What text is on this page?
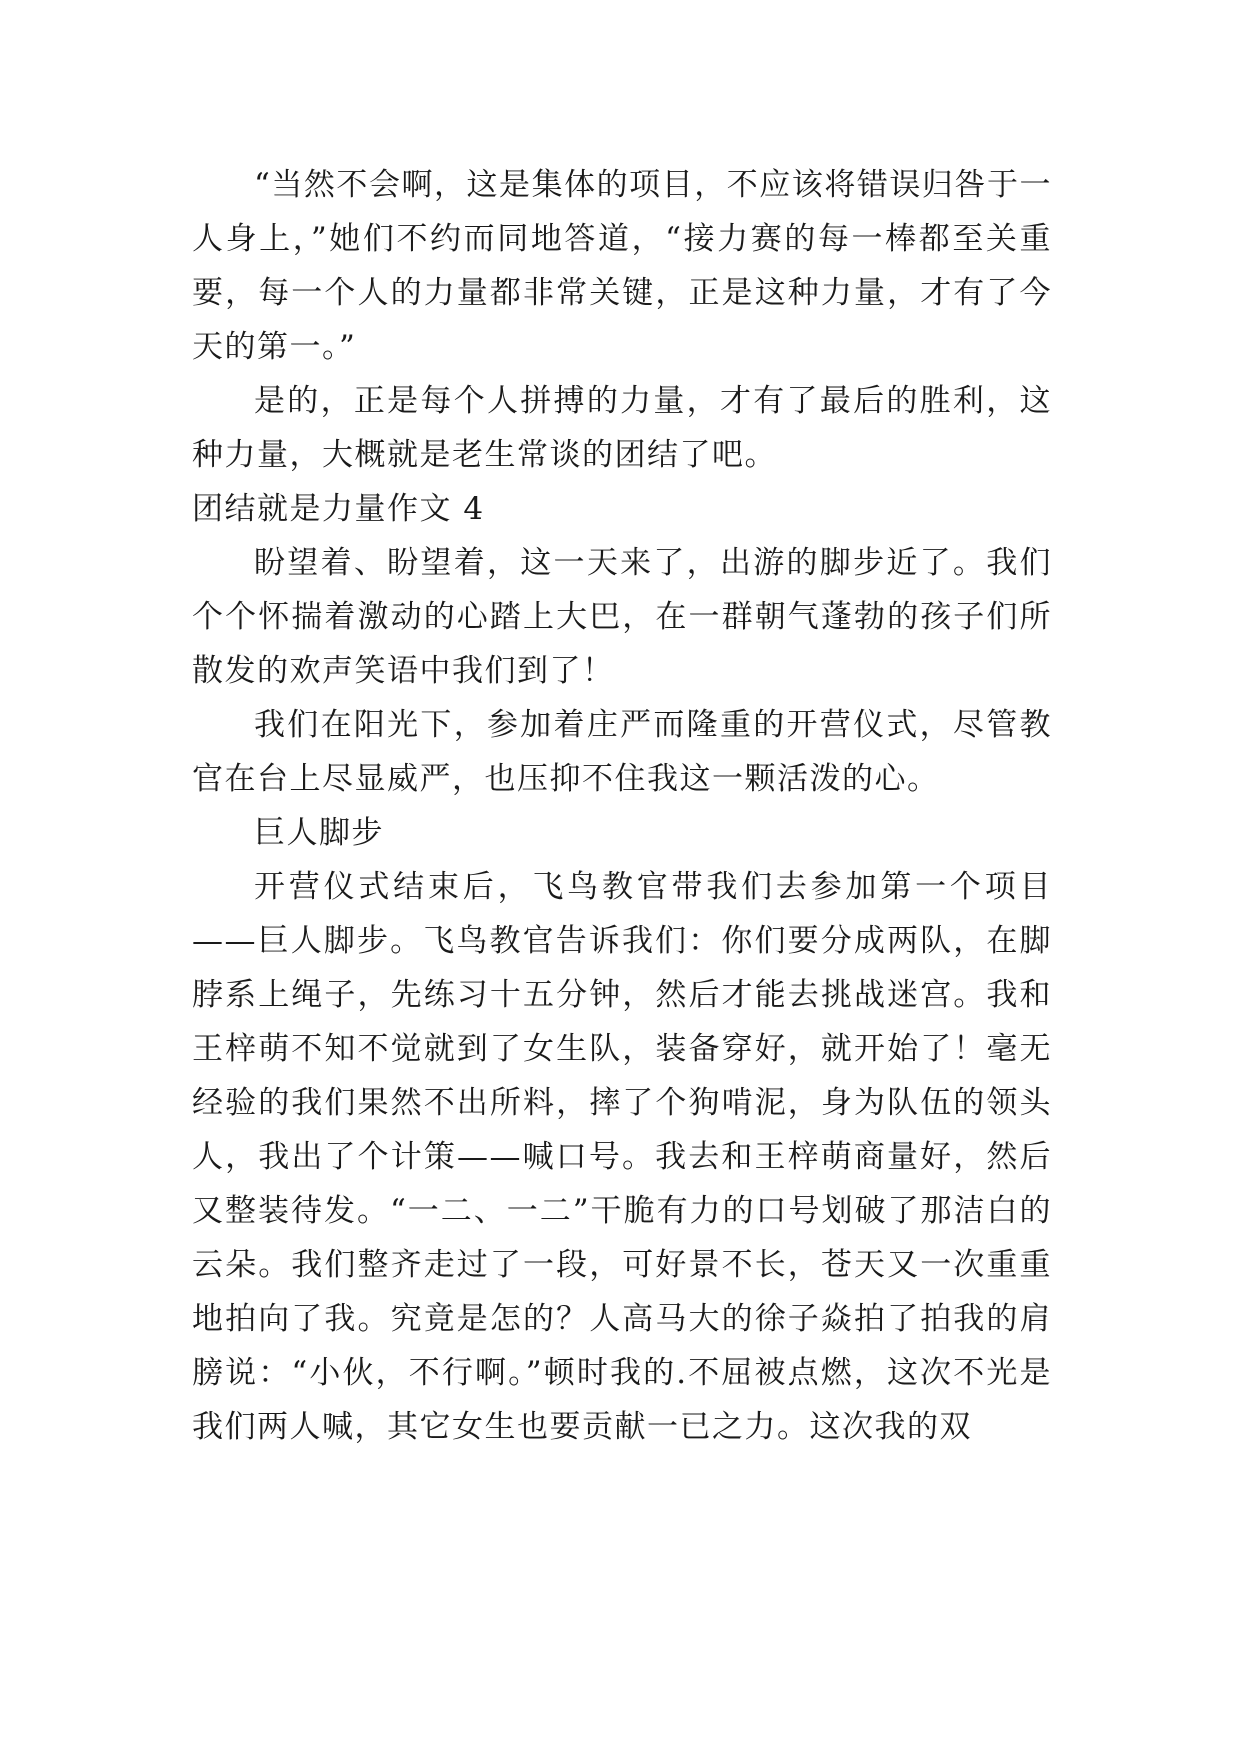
“当然不会啊，这是集体的项目，不应该将错误归咎于一人身上，”她们不约而同地答道，“接力赛的每一棒都至关重要，每一个人的力量都非常关键，正是这种力量，才有了今天的第一。”

是的，正是每个人拼搏的力量，才有了最后的胜利，这种力量，大概就是老生常谈的团结了吧。

团结就是力量作文 4

盼望着、盼望着，这一天来了，出游的脚步近了。我们个个怀揣着激动的心踏上大巴，在一群朝气蓬勃的孩子们所散发的欢声笑语中我们到了！

我们在阳光下，参加着庄严而隆重的开营仪式，尽管教官在台上尽显威严，也压抑不住我这一颗活泼的心。

巨人脚步

开营仪式结束后，飞鸟教官带我们去参加第一个项目——巨人脚步。飞鸟教官告诉我们：你们要分成两队，在脚脖系上绳子，先练习十五分钟，然后才能去挑战迷宫。我和王梓萌不知不觉就到了女生队，装备穿好，就开始了！毫无经验的我们果然不出所料，摔了个狗啃泥，身为队伍的领头人，我出了个计策——喊口号。我去和王梓萌商量好，然后又整装待发。“一二、一二”干脆有力的口号划破了那洁白的云朵。我们整齐走过了一段，可好景不长，苍天又一次重重地拍向了我。究竟是怎的？人高马大的徐子焱拍了拍我的肩膀说：“小伙，不行啊。”顿时我的.不屈被点燃，这次不光是我们两人喊，其它女生也要贡献一已之力。这次我的双
